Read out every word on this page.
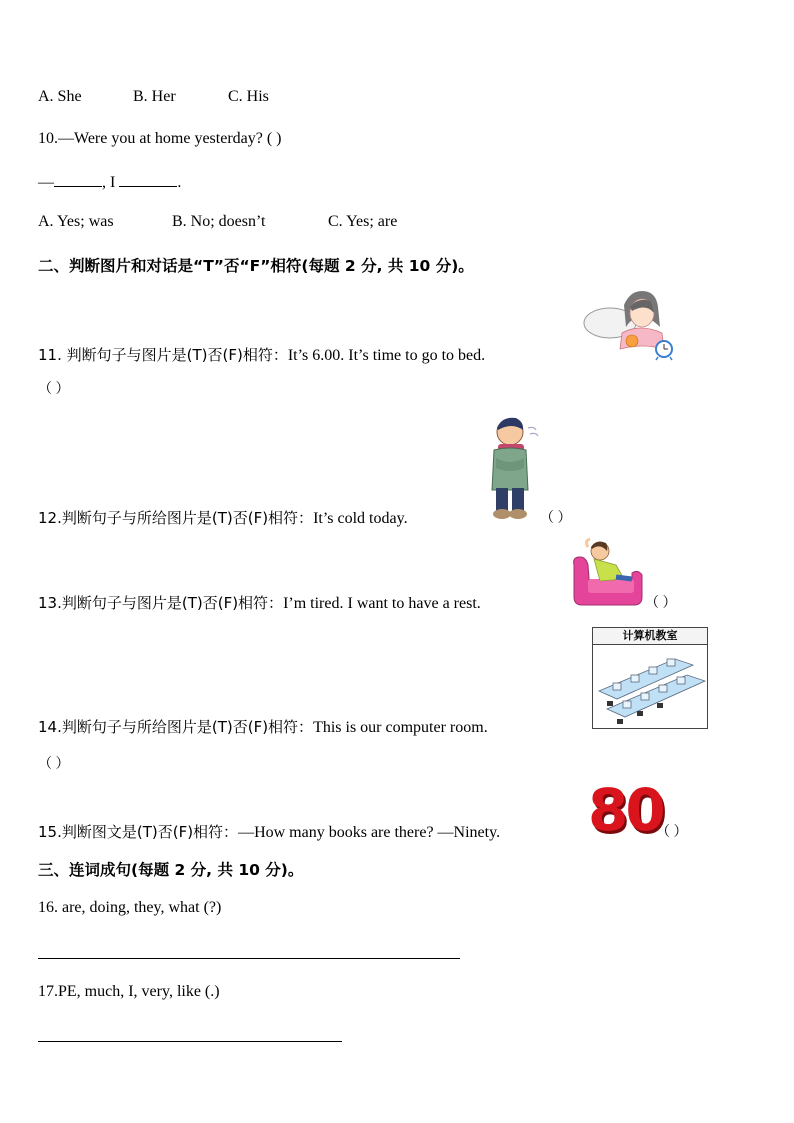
A. She	B. Her	C. His
10.—Were you at home yesterday? ( )
—	, I	.
A. Yes; was	B. No; doesn’t	C. Yes; are
二、判断图片和对话是“T”否“F”相符(每题 2 分, 共 10 分)。
11. 判断句子与图片是(T)否(F)相符：It’s 6.00. It’s time to go to bed.
（ ）
12.判断句子与所给图片是(T)否(F)相符：It’s cold today.	（ ）
13.判断句子与图片是(T)否(F)相符：I’m tired. I want to have a rest.	（ ）
计算机教室
14.判断句子与所给图片是(T)否(F)相符：This is our computer room.
（ ）
80
15.判断图文是(T)否(F)相符：—How many books are there? —Ninety.	（ ）
三、连词成句(每题 2 分, 共 10 分)。
16. are, doing, they, what (?)
17.PE, much, I, very, like (.)
